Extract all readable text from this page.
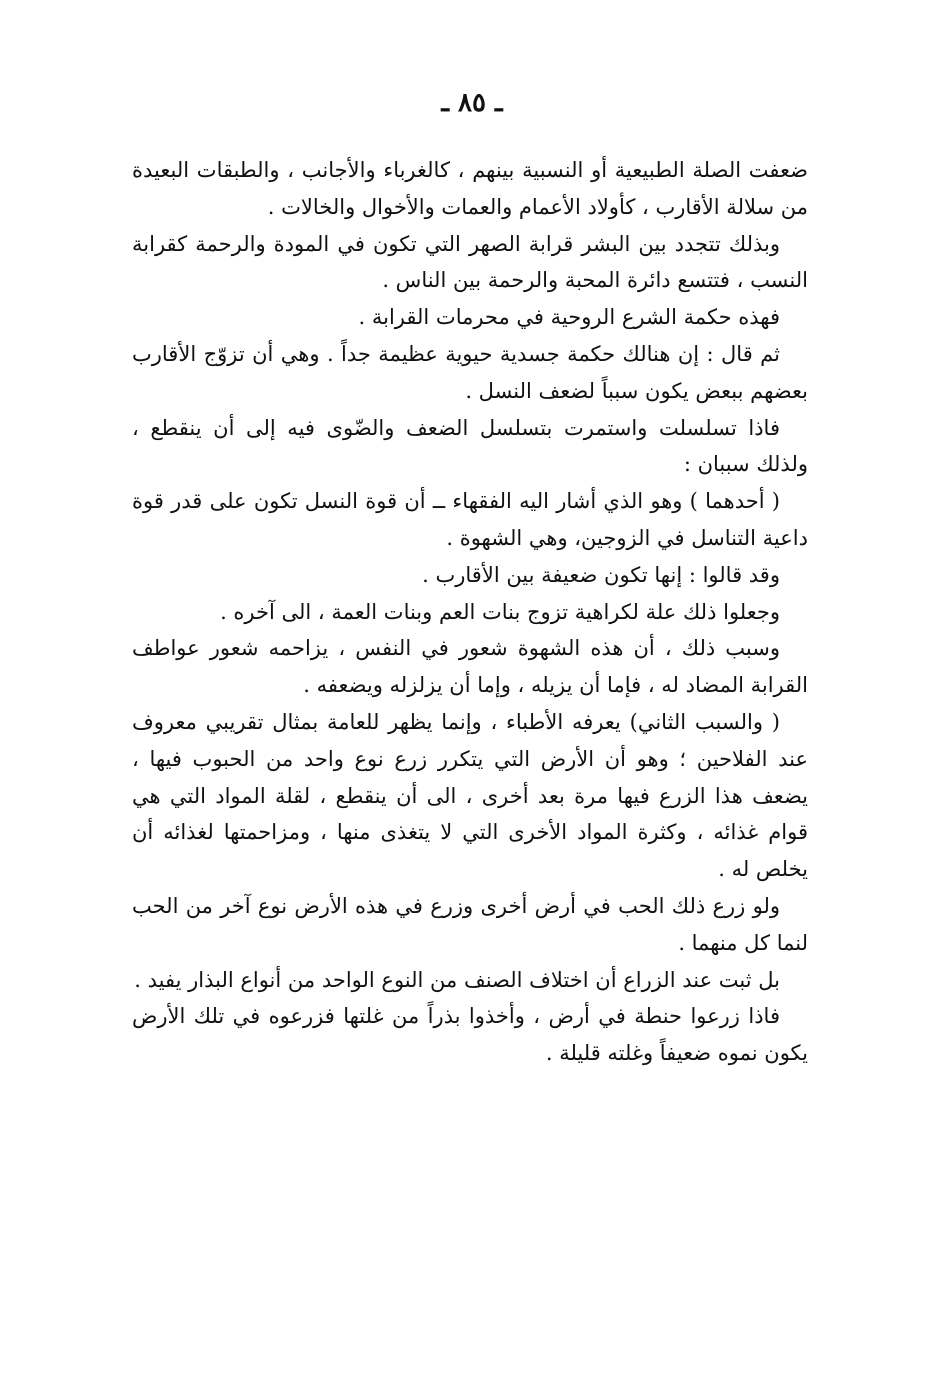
ـ ٨٥ ـ

ضعفت الصلة الطبيعية أو النسبية بينهم ، كالغرباء والأجانب ، والطبقات البعيدة من سلالة الأقارب ، كأولاد الأعمام والعمات والأخوال والخالات .

وبذلك تتجدد بين البشر قرابة الصهر التي تكون في المودة والرحمة كقرابة النسب ، فتتسع دائرة المحبة والرحمة بين الناس .

فهذه حكمة الشرع الروحية في محرمات القرابة .

ثم قال : إن هنالك حكمة جسدية حيوية عظيمة جداً . وهي أن تزوّج الأقارب بعضهم ببعض يكون سبباً لضعف النسل .

فاذا تسلسلت واستمرت بتسلسل الضعف والضّوى فيه إلى أن ينقطع ، ولذلك سببان :

( أحدهما ) وهو الذي أشار اليه الفقهاء ــ أن قوة النسل تكون على قدر قوة داعية التناسل في الزوجين، وهي الشهوة .

وقد قالوا : إنها تكون ضعيفة بين الأقارب .

وجعلوا ذلك علة لكراهية تزوج بنات العم وبنات العمة ، الى آخره .

وسبب ذلك ، أن هذه الشهوة شعور في النفس ، يزاحمه شعور عواطف القرابة المضاد له ، فإما أن يزيله ، وإما أن يزلزله ويضعفه .

( والسبب الثاني) يعرفه الأطباء ، وإنما يظهر للعامة بمثال تقريبي معروف عند الفلاحين ؛ وهو أن الأرض التي يتكرر زرع نوع واحد من الحبوب فيها ، يضعف هذا الزرع فيها مرة بعد أخرى ، الى أن ينقطع ، لقلة المواد التي هي قوام غذائه ، وكثرة المواد الأخرى التي لا يتغذى منها ، ومزاحمتها لغذائه أن يخلص له .

ولو زرع ذلك الحب في أرض أخرى وزرع في هذه الأرض نوع آخر من الحب لنما كل منهما .

بل ثبت عند الزراع أن اختلاف الصنف من النوع الواحد من أنواع البذار يفيد .

فاذا زرعوا حنطة في أرض ، وأخذوا بذراً من غلتها فزرعوه في تلك الأرض يكون نموه ضعيفاً وغلته قليلة .
